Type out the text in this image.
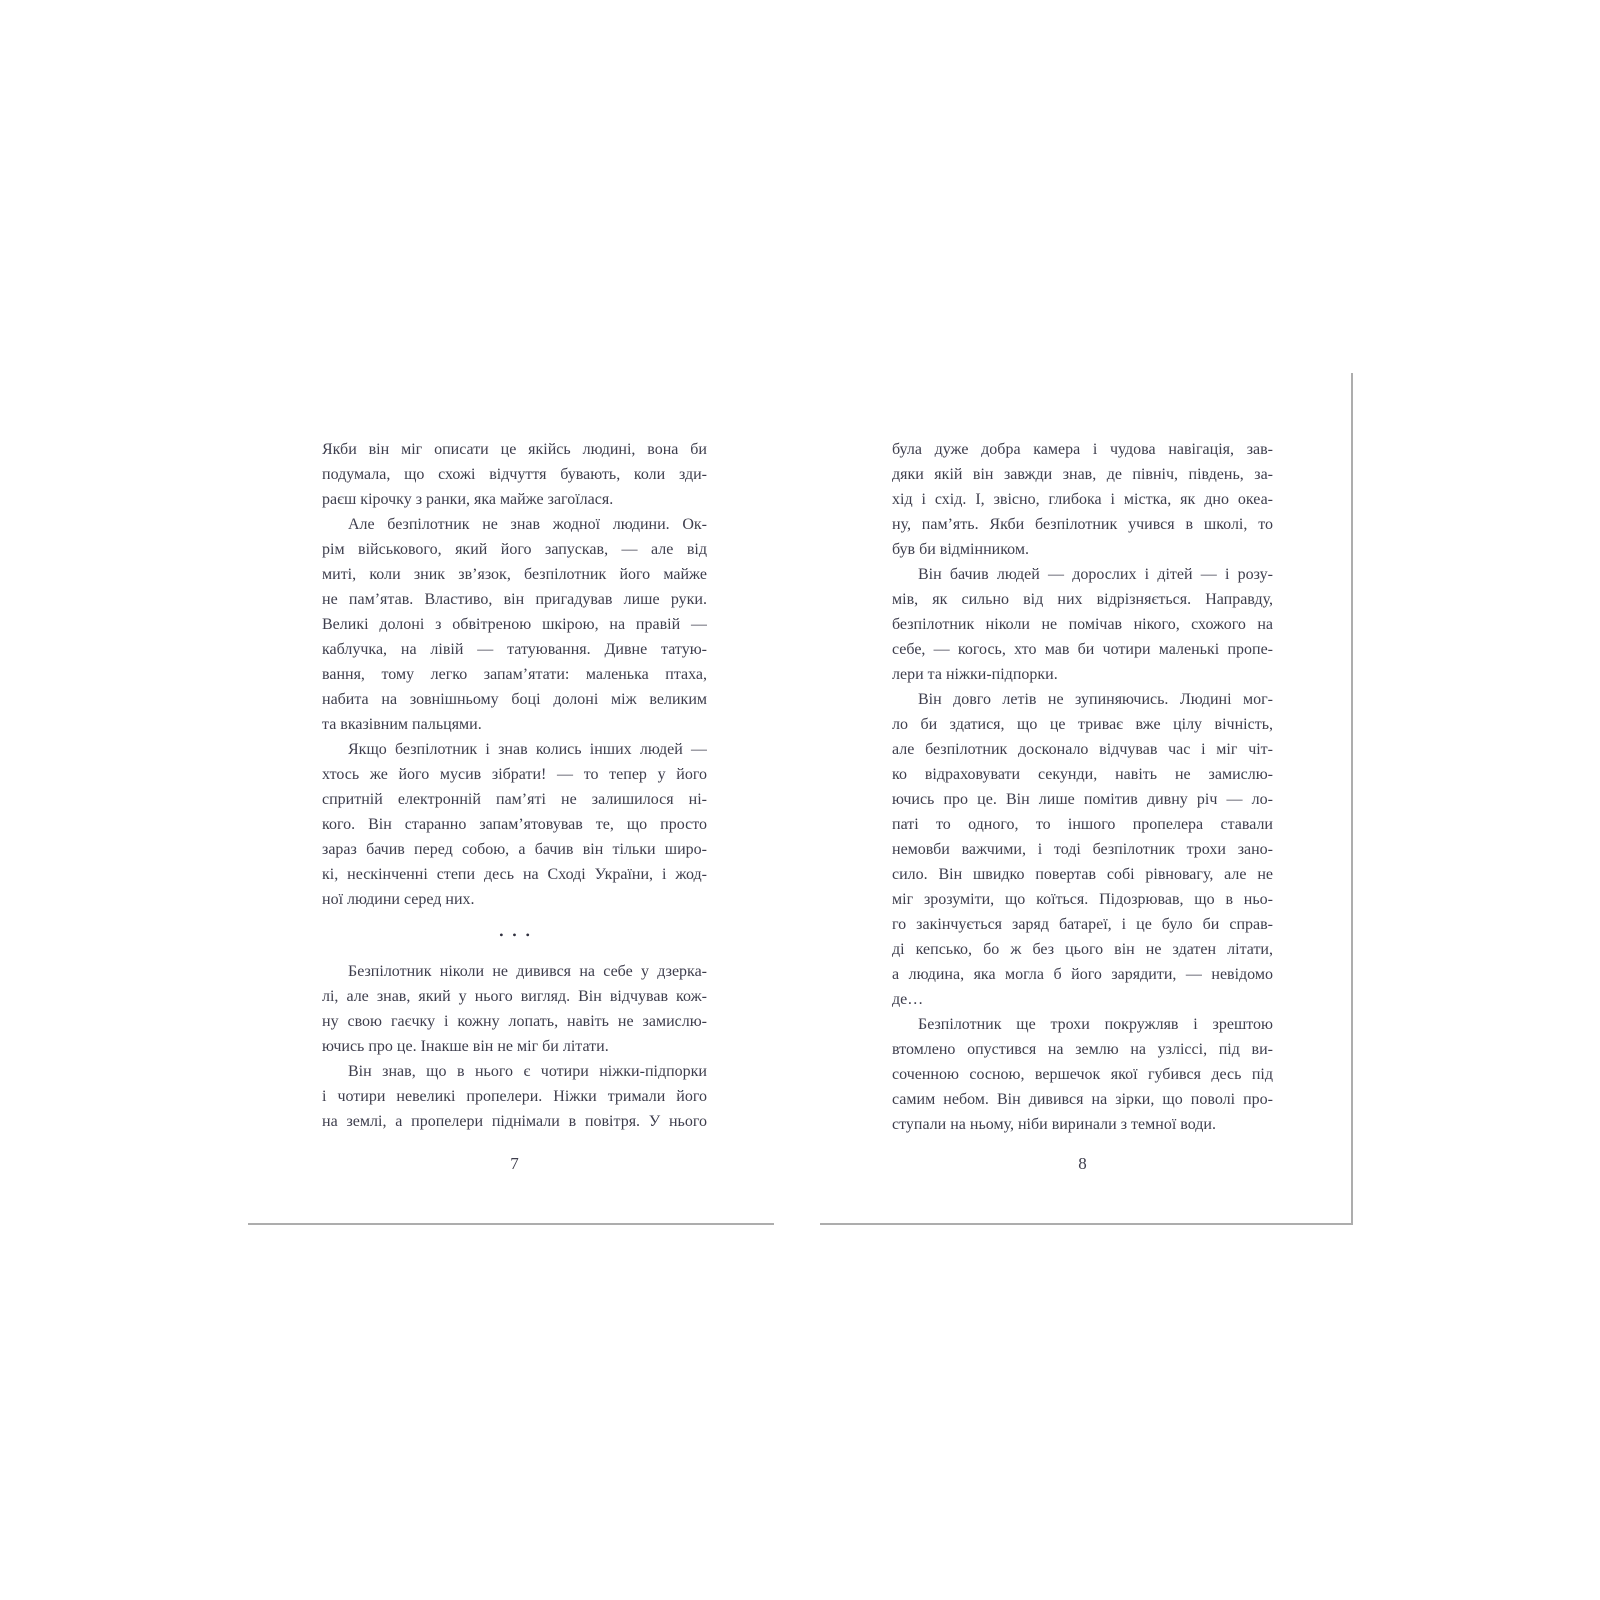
Якби він міг описати це якійсь людині, вона би
подумала, що схожі відчуття бувають, коли зди-
раєш кірочку з ранки, яка майже загоїлася.
Але безпілотник не знав жодної людини. Ок-
рім військового, який його запускав, — але від
миті, коли зник зв’язок, безпілотник його майже
не пам’ятав. Властиво, він пригадував лише руки.
Великі долоні з обвітреною шкірою, на правій —
каблучка, на лівій — татуювання. Дивне татую-
вання, тому легко запам’ятати: маленька птаха,
набита на зовнішньому боці долоні між великим
та вказівним пальцями.
Якщо безпілотник і знав колись інших людей —
хтось же його мусив зібрати! — то тепер у його
спритній електронній пам’яті не залишилося ні-
кого. Він старанно запам’ятовував те, що просто
зараз бачив перед собою, а бачив він тільки широ-
кі, нескінченні степи десь на Сході України, і жод-
ної людини серед них.
•••
Безпілотник ніколи не дивився на себе у дзерка-
лі, але знав, який у нього вигляд. Він відчував кож-
ну свою гаєчку і кожну лопать, навіть не замислю-
ючись про це. Інакше він не міг би літати.
Він знав, що в нього є чотири ніжки-підпорки
і чотири невеликі пропелери. Ніжки тримали його
на землі, а пропелери піднімали в повітря. У нього
була дуже добра камера і чудова навігація, зав-
дяки якій він завжди знав, де північ, південь, за-
хід і схід. І, звісно, глибока і містка, як дно океа-
ну, пам’ять. Якби безпілотник учився в школі, то
був би відмінником.
Він бачив людей — дорослих і дітей — і розу-
мів, як сильно від них відрізняється. Направду,
безпілотник ніколи не помічав нікого, схожого на
себе, — когось, хто мав би чотири маленькі пропе-
лери та ніжки-підпорки.
Він довго летів не зупиняючись. Людині мог-
ло би здатися, що це триває вже цілу вічність,
але безпілотник досконало відчував час і міг чіт-
ко відраховувати секунди, навіть не замислю-
ючись про це. Він лише помітив дивну річ — ло-
паті то одного, то іншого пропелера ставали
немовби важчими, і тоді безпілотник трохи зано-
сило. Він швидко повертав собі рівновагу, але не
міг зрозуміти, що коїться. Підозрював, що в ньо-
го закінчується заряд батареї, і це було би справ-
ді кепсько, бо ж без цього він не здатен літати,
а людина, яка могла б його зарядити, — невідомо
де…
Безпілотник ще трохи покружляв і зрештою
втомлено опустився на землю на узліссі, під ви-
соченною сосною, вершечок якої губився десь під
самим небом. Він дивився на зірки, що поволі про-
ступали на ньому, ніби виринали з темної води.
7	8
